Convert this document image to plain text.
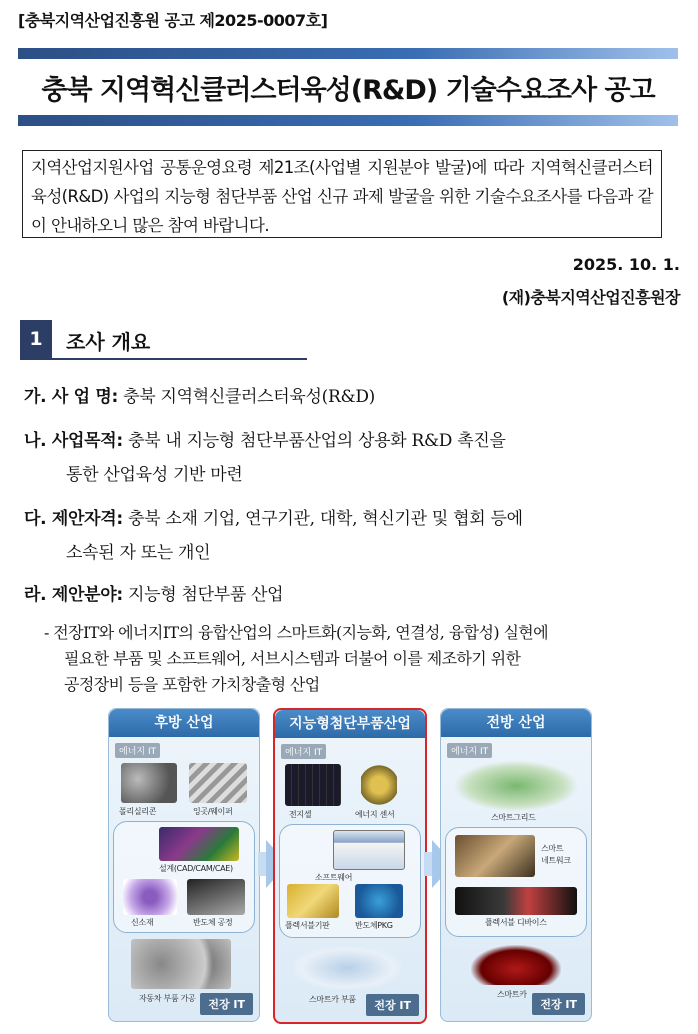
[충북지역산업진흥원 공고 제2025-0007호]
충북 지역혁신클러스터육성(R&D) 기술수요조사 공고
지역산업지원사업 공통운영요령 제21조(사업별 지원분야 발굴)에 따라 지역혁신클러스터육성(R&D) 사업의 지능형 첨단부품 산업 신규 과제 발굴을 위한 기술수요조사를 다음과 같이 안내하오니 많은 참여 바랍니다.
2025. 10. 1.
(재)충북지역산업진흥원장
1	조사 개요
가. 사 업 명: 충북 지역혁신클러스터육성(R&D)
나. 사업목적: 충북 내 지능형 첨단부품산업의 상용화 R&D 촉진을
통한 산업육성 기반 마련
다. 제안자격: 충북 소재 기업, 연구기관, 대학, 혁신기관 및 협회 등에
소속된 자 또는 개인
라. 제안분야: 지능형 첨단부품 산업
- 전장IT와 에너지IT의 융합산업의 스마트화(지능화, 연결성, 융합성) 실현에
필요한 부품 및 소프트웨어, 서브시스템과 더불어 이를 제조하기 위한
공정장비 등을 포함한 가치창출형 산업
후방 산업
에너지 IT
폴리실리콘	잉곳/웨이퍼
설계(CAD/CAM/CAE)
신소재	반도체 공정
자동차 부품 가공	전장 IT
지능형첨단부품산업
에너지 IT
전지셀	에너지 센서
소프트웨어
플렉서블기판	반도체PKG
스마트카 부품	전장 IT
전방 산업
에너지 IT
스마트그리드
스마트
네트워크
플렉서블 디바이스
스마트카
전장 IT
